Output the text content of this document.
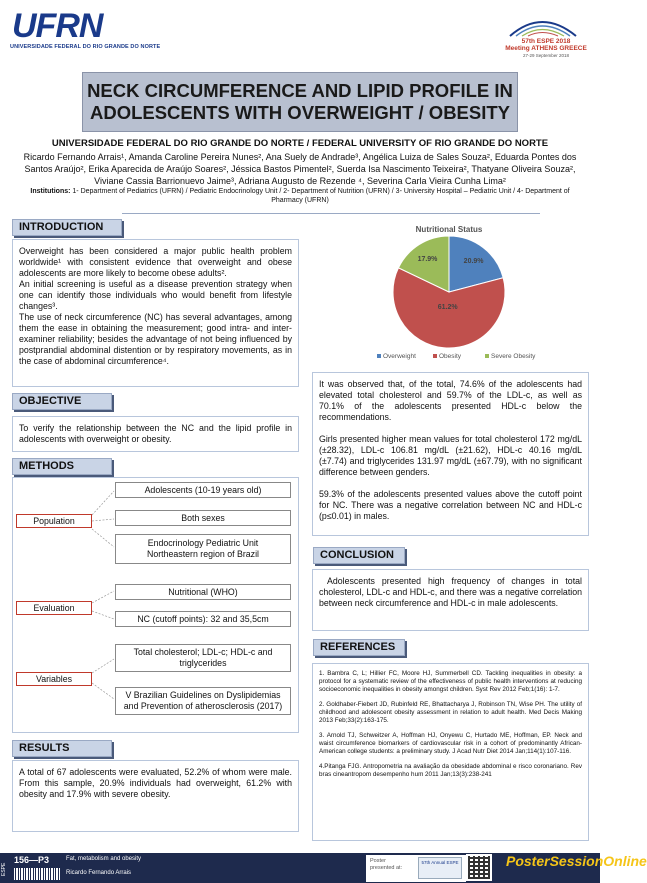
UFRN
UNIVERSIDADE FEDERAL DO RIO GRANDE DO NORTE
57th ESPE 2018
Meeting ATHENS GREECE
27-29 September 2018
NECK CIRCUMFERENCE AND LIPID PROFILE IN
ADOLESCENTS WITH OVERWEIGHT / OBESITY
UNIVERSIDADE FEDERAL DO RIO GRANDE DO NORTE / FEDERAL UNIVERSITY OF RIO GRANDE DO NORTE
Ricardo Fernando Arrais¹, Amanda Caroline Pereira Nunes², Ana Suely de Andrade³, Angélica Luiza de Sales Souza², Eduarda Pontes dos Santos Araújo², Erika Aparecida de Araújo Soares², Jéssica Bastos Pimentel², Suerda Isa Nascimento Teixeira², Thatyane Oliveira Souza², Viviane Cassia Barrionuevo Jaime³, Adriana Augusto de Rezende ⁴, Severina Carla Vieira Cunha Lima²
Institutions: 1- Department of Pediatrics (UFRN) / Pediatric Endocrinology Unit / 2- Department of Nutrition (UFRN) / 3- University Hospital – Pediatric Unit / 4- Department of Pharmacy (UFRN)
INTRODUCTION

Overweight has been considered a major public health problem worldwide¹ with consistent evidence that overweight and obese adolescents are more likely to become obese adults².

An initial screening is useful as a disease prevention strategy when one can identify those individuals who would benefit from lifestyle changes³.

The use of neck circumference (NC) has several advantages, among them the ease in obtaining the measurement; good intra- and inter-examiner reliability; besides the advantage of not being influenced by postprandial abdominal distention or by respiratory movements, as in the case of abdominal circumference⁴.

OBJECTIVE

To verify the relationship between the NC and the lipid profile in adolescents with overweight or obesity.

METHODS
Population
Adolescents (10-19 years old)
Both sexes
Endocrinology Pediatric Unit Northeastern region of Brazil
Evaluation
Nutritional (WHO)
NC (cutoff points): 32 and 35,5cm
Variables
Total cholesterol; LDL-c; HDL-c and triglycerides
V Brazilian Guidelines on Dyslipidemias and Prevention of atherosclerosis (2017)
RESULTS

A total of 67 adolescents were evaluated, 52.2% of whom were male. From this sample, 20.9% individuals had overweight, 61.2% with obesity and 17.9% with severe obesity.

Nutritional Status
20.9%
61.2%
17.9%
Overweight	Obesity	Severe Obesity

It was observed that, of the total, 74.6% of the adolescents had elevated total cholesterol and 59.7% of the LDL-c, as well as 70.1% of the adolescents presented HDL-c below the recommendations.

Girls presented higher mean values for total cholesterol 172 mg/dL (±28.32), LDL-c 106.81 mg/dL (±21.62), HDL-c 40.16 mg/dL (±7.74) and triglycerides 131.97 mg/dL (±67.79), with no significant difference between genders.

59.3% of the adolescents presented values above the cutoff point for NC. There was a negative correlation between NC and HDL-c (p≤0.01) in males.

CONCLUSION

Adolescents presented high frequency of changes in total cholesterol, LDL-c and HDL-c, and there was a negative correlation between neck circumference and HDL-c in male adolescents.

REFERENCES

1. Bambra C, L; Hillier FC, Moore HJ, Summerbell CD. Tackling inequalities in obesity: a protocol for a systematic review of the effectiveness of public health interventions at reducing socioeconomic inequalities in obesity amongst children. Syst Rev 2012 Feb;1(16): 1-7.

2. Goldhaber-Fiebert JD, Rubinfeld RE, Bhattacharya J, Robinson TN, Wise PH. The utility of childhood and adolescent obesity assessment in relation to adult health. Med Decis Making 2013 Feb;33(2):163-175.

3. Arnold TJ, Schweitzer A, Hoffman HJ, Onyewu C, Hurtado ME, Hoffman, EP. Neck and waist circumference biomarkers of cardiovascular risk in a cohort of predominantly African-American college students: a preliminary study. J Acad Nutr Diet 2014 Jan;114(1):107-116.

4.Pitanga FJG. Antropometria na avaliação da obesidade abdominal e risco coronariano. Rev bras cineantropom desempenho hum 2011 Jan;13(3):238-241

ESPE
156—P3	Fat, metabolism and obesity
Ricardo Fernando Arrais
Poster presented at:
57th Annual ESPE	PosterSessionOnline
